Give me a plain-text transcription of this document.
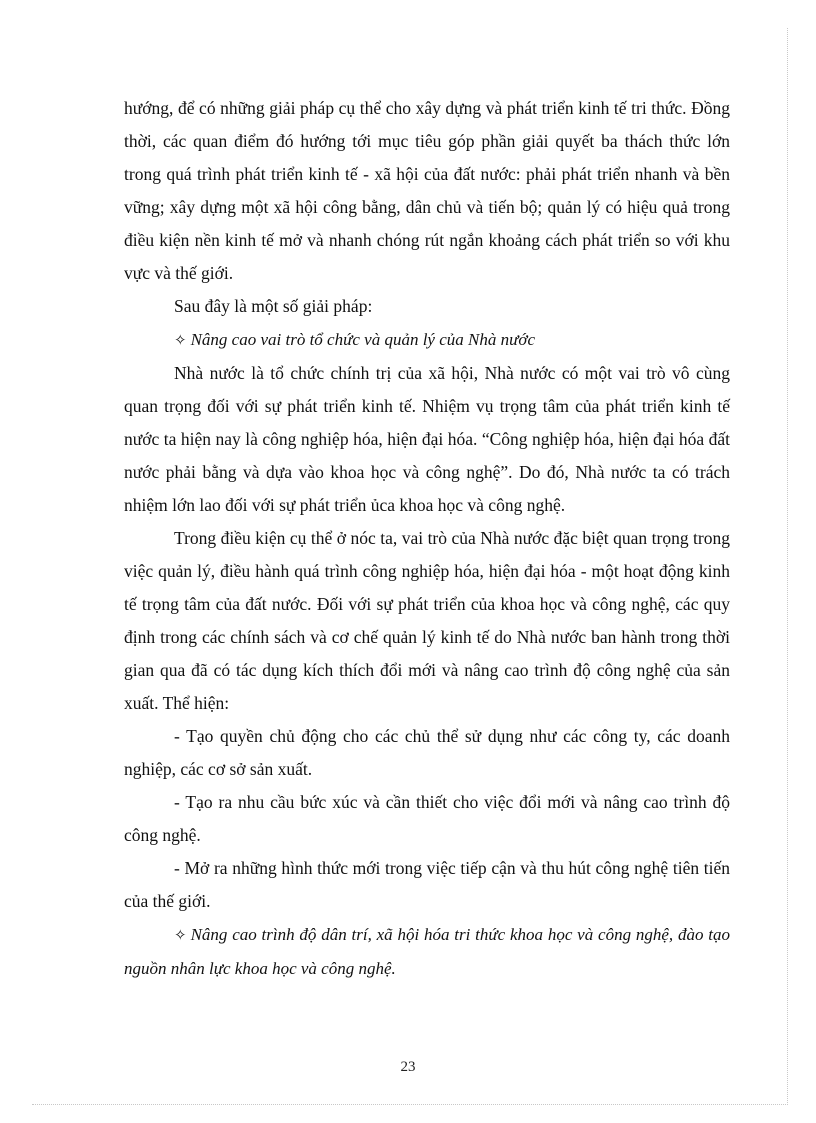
hướng, để có những giải pháp cụ thể cho xây dựng và phát triển kinh tế tri thức. Đồng thời, các quan điểm đó hướng tới mục tiêu góp phần giải quyết ba thách thức lớn trong quá trình phát triển kinh tế - xã hội của đất nước: phải phát triển nhanh và bền vững; xây dựng một xã hội công bằng, dân chủ và tiến bộ; quản lý có hiệu quả trong điều kiện nền kinh tế mở và nhanh chóng rút ngắn khoảng cách phát triển so với khu vực và thế giới.

Sau đây là một số giải pháp:

✧ Nâng cao vai trò tổ chức và quản lý của Nhà nước

Nhà nước là tổ chức chính trị của xã hội, Nhà nước có một vai trò vô cùng quan trọng đối với sự phát triển kinh tế. Nhiệm vụ trọng tâm của phát triển kinh tế nước ta hiện nay là công nghiệp hóa, hiện đại hóa. “Công nghiệp hóa, hiện đại hóa đất nước phải bằng và dựa vào khoa học và công nghệ”. Do đó, Nhà nước ta có trách nhiệm lớn lao đối với sự phát triển ủca khoa học và công nghệ.

Trong điều kiện cụ thể ở nóc ta, vai trò của Nhà nước đặc biệt quan trọng trong việc quản lý, điều hành quá trình công nghiệp hóa, hiện đại hóa - một hoạt động kinh tế trọng tâm của đất nước. Đối với sự phát triển của khoa học và công nghệ, các quy định trong các chính sách và cơ chế quản lý kinh tế do Nhà nước ban hành trong thời gian qua đã có tác dụng kích thích đổi mới và nâng cao trình độ công nghệ của sản xuất. Thể hiện:

- Tạo quyền chủ động cho các chủ thể sử dụng như các công ty, các doanh nghiệp, các cơ sở sản xuất.

- Tạo ra nhu cầu bức xúc và cần thiết cho việc đổi mới và nâng cao trình độ công nghệ.

- Mở ra những hình thức mới trong việc tiếp cận và thu hút công nghệ tiên tiến của thế giới.

✧ Nâng cao trình độ dân trí, xã hội hóa tri thức khoa học và công nghệ, đào tạo nguồn nhân lực khoa học và công nghệ.

23
